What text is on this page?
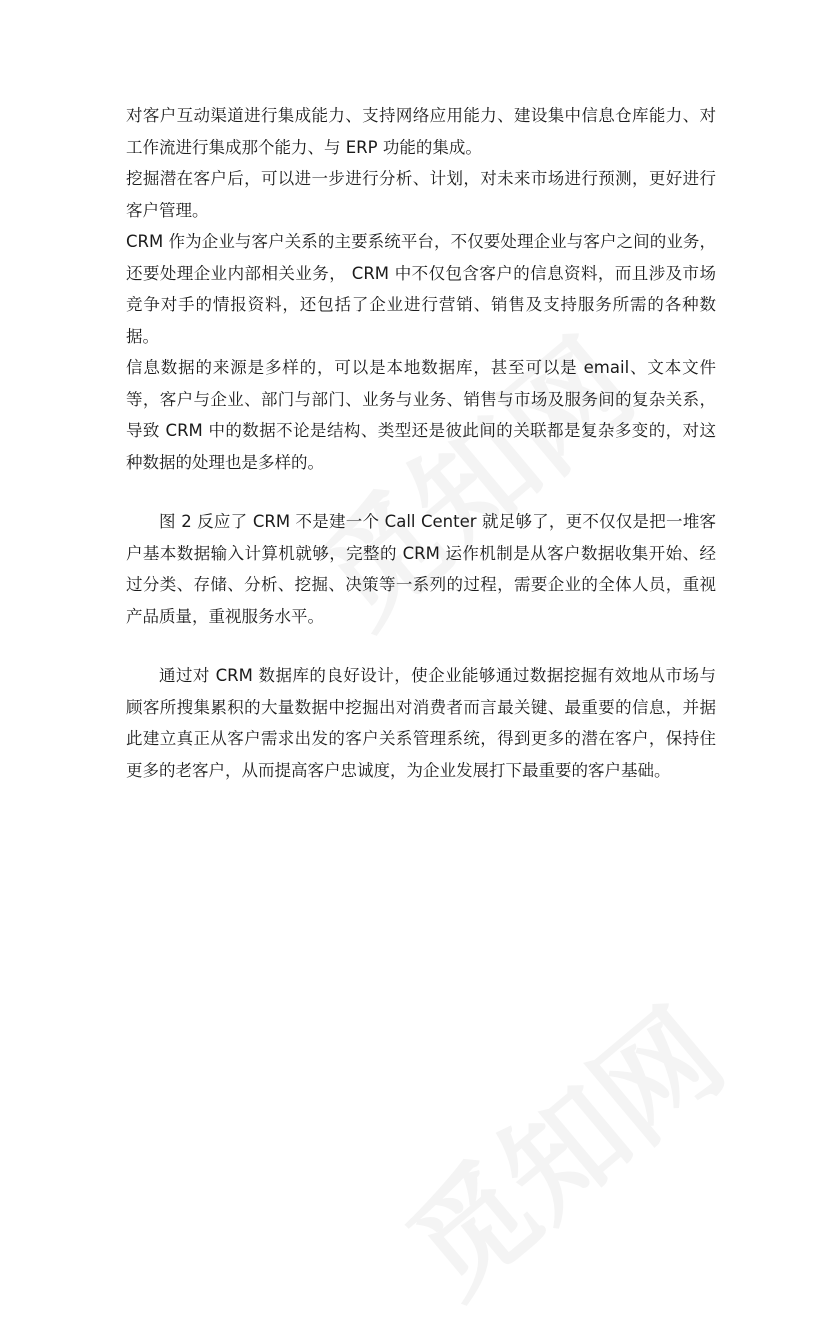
对客户互动渠道进行集成能力、支持网络应用能力、建设集中信息仓库能力、对工作流进行集成那个能力、与 ERP 功能的集成。

挖掘潜在客户后，可以进一步进行分析、计划，对未来市场进行预测，更好进行客户管理。

CRM 作为企业与客户关系的主要系统平台，不仅要处理企业与客户之间的业务，还要处理企业内部相关业务， CRM 中不仅包含客户的信息资料，而且涉及市场竞争对手的情报资料，还包括了企业进行营销、销售及支持服务所需的各种数据。

信息数据的来源是多样的，可以是本地数据库，甚至可以是 email、文本文件等，客户与企业、部门与部门、业务与业务、销售与市场及服务间的复杂关系，导致 CRM 中的数据不论是结构、类型还是彼此间的关联都是复杂多变的，对这种数据的处理也是多样的。

图 2 反应了 CRM 不是建一个 Call Center 就足够了，更不仅仅是把一堆客户基本数据输入计算机就够，完整的 CRM 运作机制是从客户数据收集开始、经过分类、存储、分析、挖掘、决策等一系列的过程，需要企业的全体人员，重视产品质量，重视服务水平。

通过对 CRM 数据库的良好设计，使企业能够通过数据挖掘有效地从市场与顾客所搜集累积的大量数据中挖掘出对消费者而言最关键、最重要的信息，并据此建立真正从客户需求出发的客户关系管理系统，得到更多的潜在客户，保持住更多的老客户，从而提高客户忠诚度，为企业发展打下最重要的客户基础。
